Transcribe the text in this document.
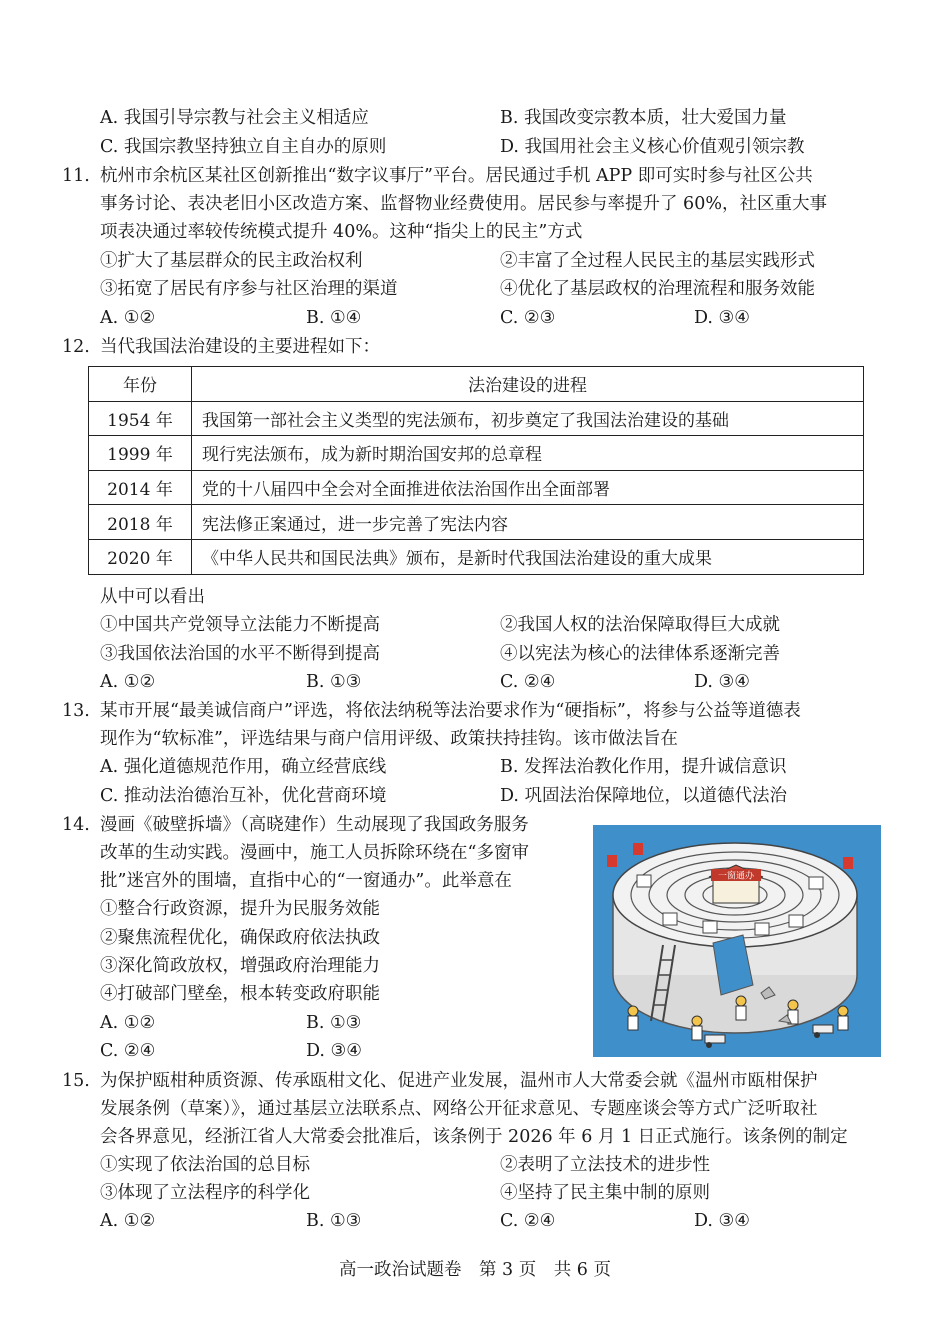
A. 我国引导宗教与社会主义相适应	B. 我国改变宗教本质，壮大爱国力量
C. 我国宗教坚持独立自主自办的原则	D. 我国用社会主义核心价值观引领宗教
11. 杭州市余杭区某社区创新推出“数字议事厅”平台。居民通过手机 APP 即可实时参与社区公共
事务讨论、表决老旧小区改造方案、监督物业经费使用。居民参与率提升了 60%，社区重大事
项表决通过率较传统模式提升 40%。这种“指尖上的民主”方式
①扩大了基层群众的民主政治权利	②丰富了全过程人民民主的基层实践形式
③拓宽了居民有序参与社区治理的渠道	④优化了基层政权的治理流程和服务效能
A. ①②	B. ①④	C. ②③	D. ③④
12. 当代我国法治建设的主要进程如下：
年份	法治建设的进程
1954 年	我国第一部社会主义类型的宪法颁布，初步奠定了我国法治建设的基础
1999 年	现行宪法颁布，成为新时期治国安邦的总章程
2014 年	党的十八届四中全会对全面推进依法治国作出全面部署
2018 年	宪法修正案通过，进一步完善了宪法内容
2020 年	《中华人民共和国民法典》颁布，是新时代我国法治建设的重大成果
从中可以看出
①中国共产党领导立法能力不断提高	②我国人权的法治保障取得巨大成就
③我国依法治国的水平不断得到提高	④以宪法为核心的法律体系逐渐完善
A. ①②	B. ①③	C. ②④	D. ③④
13. 某市开展“最美诚信商户”评选，将依法纳税等法治要求作为“硬指标”，将参与公益等道德表
现作为“软标准”，评选结果与商户信用评级、政策扶持挂钩。该市做法旨在
A. 强化道德规范作用，确立经营底线	B. 发挥法治教化作用，提升诚信意识
C. 推动法治德治互补，优化营商环境	D. 巩固法治保障地位，以道德代法治
14. 漫画《破壁拆墙》（高晓建作）生动展现了我国政务服务
改革的生动实践。漫画中，施工人员拆除环绕在“多窗审
批”迷宫外的围墙，直指中心的“一窗通办”。此举意在
①整合行政资源，提升为民服务效能
②聚焦流程优化，确保政府依法执政
③深化简政放权，增强政府治理能力
④打破部门壁垒，根本转变政府职能
A. ①②	B. ①③
C. ②④	D. ③④
一窗通办
15. 为保护瓯柑种质资源、传承瓯柑文化、促进产业发展，温州市人大常委会就《温州市瓯柑保护
发展条例（草案）》，通过基层立法联系点、网络公开征求意见、专题座谈会等方式广泛听取社
会各界意见，经浙江省人大常委会批准后，该条例于 2026 年 6 月 1 日正式施行。该条例的制定
①实现了依法治国的总目标	②表明了立法技术的进步性
③体现了立法程序的科学化	④坚持了民主集中制的原则
A. ①②	B. ①③	C. ②④	D. ③④
高一政治试题卷　第 3 页　共 6 页
